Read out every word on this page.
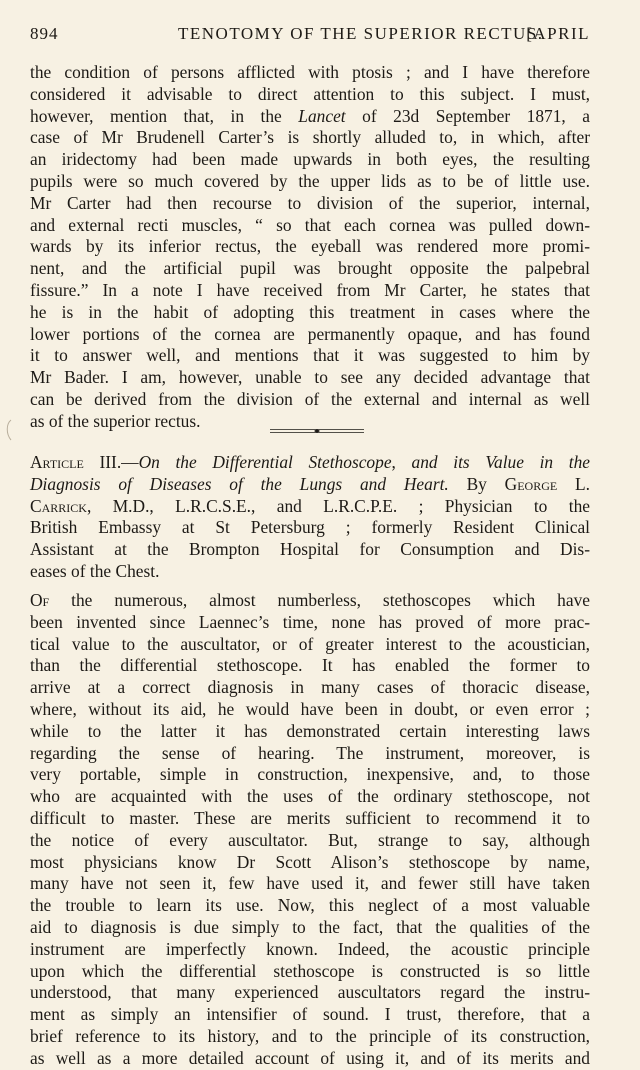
894	TENOTOMY OF THE SUPERIOR RECTUS.
[APRIL
the condition of persons afflicted with ptosis ; and I have therefore
considered it advisable to direct attention to this subject. I must,
however, mention that, in the Lancet of 23d September 1871, a
case of Mr Brudenell Carter’s is shortly alluded to, in which, after
an iridectomy had been made upwards in both eyes, the resulting
pupils were so much covered by the upper lids as to be of little use.
Mr Carter had then recourse to division of the superior, internal,
and external recti muscles, “ so that each cornea was pulled down-
wards by its inferior rectus, the eyeball was rendered more promi-
nent, and the artificial pupil was brought opposite the palpebral
fissure.” In a note I have received from Mr Carter, he states that
he is in the habit of adopting this treatment in cases where the
lower portions of the cornea are permanently opaque, and has found
it to answer well, and mentions that it was suggested to him by
Mr Bader. I am, however, unable to see any decided advantage that
can be derived from the division of the external and internal as well
as of the superior rectus.
Article III.—On the Differential Stethoscope, and its Value in the
Diagnosis of Diseases of the Lungs and Heart. By George L.
Carrick, M.D., L.R.C.S.E., and L.R.C.P.E. ; Physician to the
British Embassy at St Petersburg ; formerly Resident Clinical
Assistant at the Brompton Hospital for Consumption and Dis-
eases of the Chest.
Of the numerous, almost numberless, stethoscopes which have
been invented since Laennec’s time, none has proved of more prac-
tical value to the auscultator, or of greater interest to the acoustician,
than the differential stethoscope. It has enabled the former to
arrive at a correct diagnosis in many cases of thoracic disease,
where, without its aid, he would have been in doubt, or even error ;
while to the latter it has demonstrated certain interesting laws
regarding the sense of hearing. The instrument, moreover, is
very portable, simple in construction, inexpensive, and, to those
who are acquainted with the uses of the ordinary stethoscope, not
difficult to master. These are merits sufficient to recommend it to
the notice of every auscultator. But, strange to say, although
most physicians know Dr Scott Alison’s stethoscope by name,
many have not seen it, few have used it, and fewer still have taken
the trouble to learn its use. Now, this neglect of a most valuable
aid to diagnosis is due simply to the fact, that the qualities of the
instrument are imperfectly known. Indeed, the acoustic principle
upon which the differential stethoscope is constructed is so little
understood, that many experienced auscultators regard the instru-
ment as simply an intensifier of sound. I trust, therefore, that a
brief reference to its history, and to the principle of its construction,
as well as a more detailed account of using it, and of its merits and
